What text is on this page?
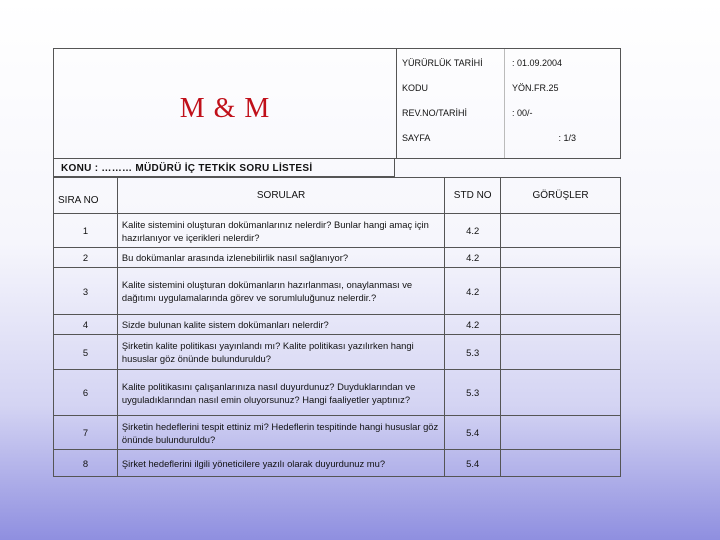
M & M
YÜRÜRLÜK TARİHİ	: 01.09.2004
KODU	YÖN.FR.25
REV.NO/TARİHİ	: 00/-
SAYFA	: 1/3
KONU : ……… MÜDÜRÜ İÇ TETKİK SORU LİSTESİ
SIRA NO	SORULAR	STD NO	GÖRÜŞLER
1	Kalite sistemini oluşturan dokümanlarınız nelerdir? Bunlar hangi amaç için hazırlanıyor ve içerikleri nelerdir?	4.2	
2	Bu dokümanlar arasında izlenebilirlik nasıl sağlanıyor?	4.2	
3	Kalite sistemini oluşturan dokümanların hazırlanması, onaylanması ve dağıtımı uygulamalarında görev ve sorumluluğunuz nelerdir.?	4.2	
4	Sizde bulunan kalite sistem dokümanları nelerdir?	4.2	
5	Şirketin kalite politikası yayınlandı mı? Kalite politikası yazılırken hangi hususlar göz önünde bulunduruldu?	5.3	
6	Kalite politikasını çalışanlarınıza nasıl duyurdunuz? Duyduklarından ve uyguladıklarından nasıl emin oluyorsunuz? Hangi faaliyetler yaptınız?	5.3	
7	Şirketin hedeflerini tespit ettiniz mi? Hedeflerin tespitinde hangi hususlar göz önünde bulunduruldu?	5.4	
8	Şirket hedeflerini ilgili yöneticilere yazılı olarak duyurdunuz mu?	5.4	
